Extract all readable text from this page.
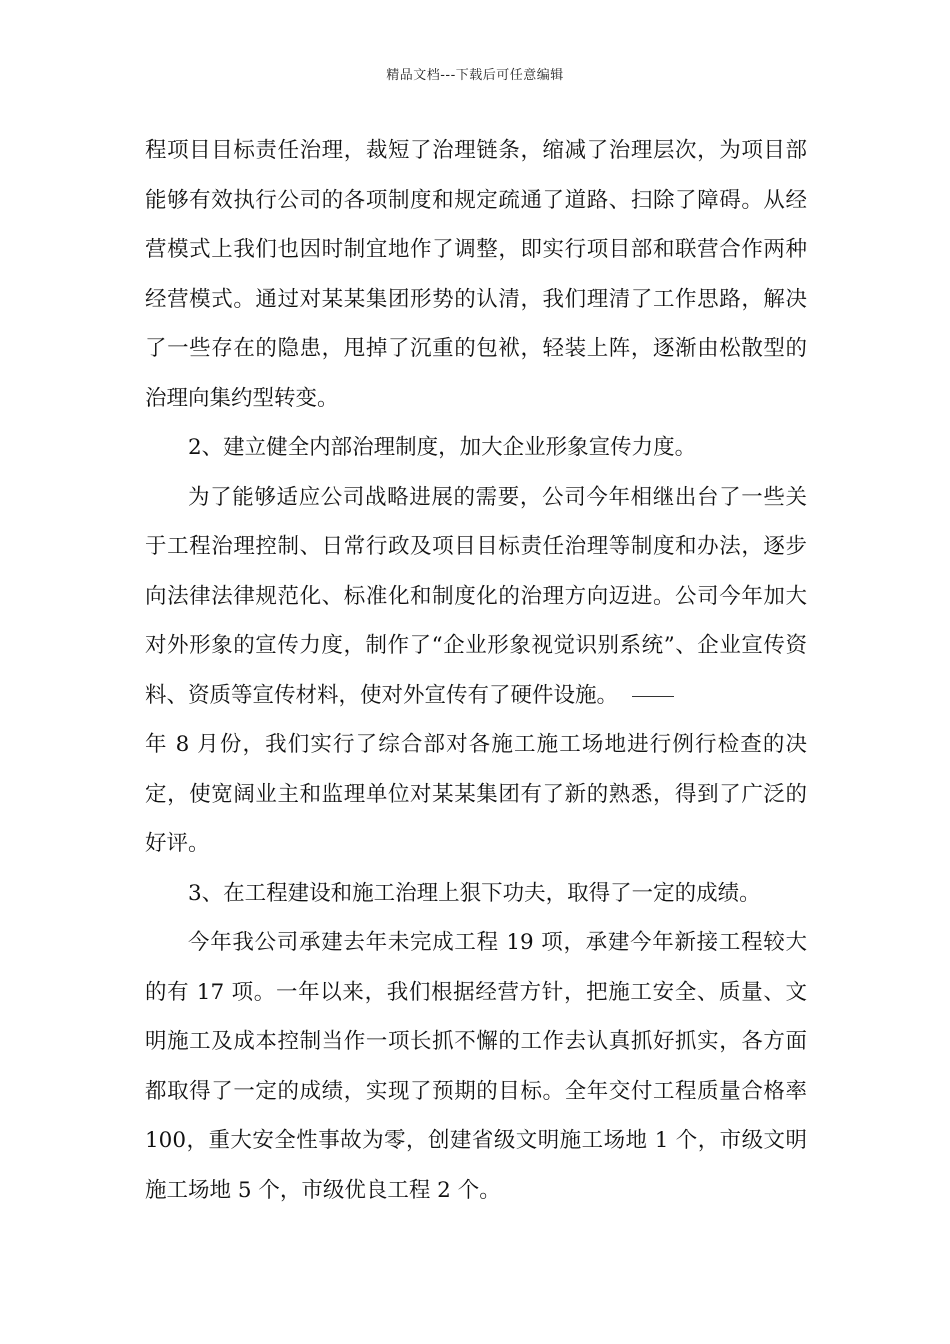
精品文档---下载后可任意编辑

程项目目标责任治理，裁短了治理链条，缩减了治理层次，为项目部能够有效执行公司的各项制度和规定疏通了道路、扫除了障碍。从经营模式上我们也因时制宜地作了调整，即实行项目部和联营合作两种经营模式。通过对某某集团形势的认清，我们理清了工作思路，解决了一些存在的隐患，甩掉了沉重的包袱，轻装上阵，逐渐由松散型的治理向集约型转变。

2、建立健全内部治理制度，加大企业形象宣传力度。

为了能够适应公司战略进展的需要，公司今年相继出台了一些关于工程治理控制、日常行政及项目目标责任治理等制度和办法，逐步向法律法律规范化、标准化和制度化的治理方向迈进。公司今年加大对外形象的宣传力度，制作了“企业形象视觉识别系统”、企业宣传资料、资质等宣传材料，使对外宣传有了硬件设施。

年 8 月份，我们实行了综合部对各施工施工场地进行例行检查的决定，使宽阔业主和监理单位对某某集团有了新的熟悉，得到了广泛的好评。

3、在工程建设和施工治理上狠下功夫，取得了一定的成绩。

今年我公司承建去年未完成工程 19 项，承建今年新接工程较大的有 17 项。一年以来，我们根据经营方针，把施工安全、质量、文明施工及成本控制当作一项长抓不懈的工作去认真抓好抓实，各方面都取得了一定的成绩，实现了预期的目标。全年交付工程质量合格率 100，重大安全性事故为零，创建省级文明施工场地 1 个，市级文明施工场地 5 个，市级优良工程 2 个。
